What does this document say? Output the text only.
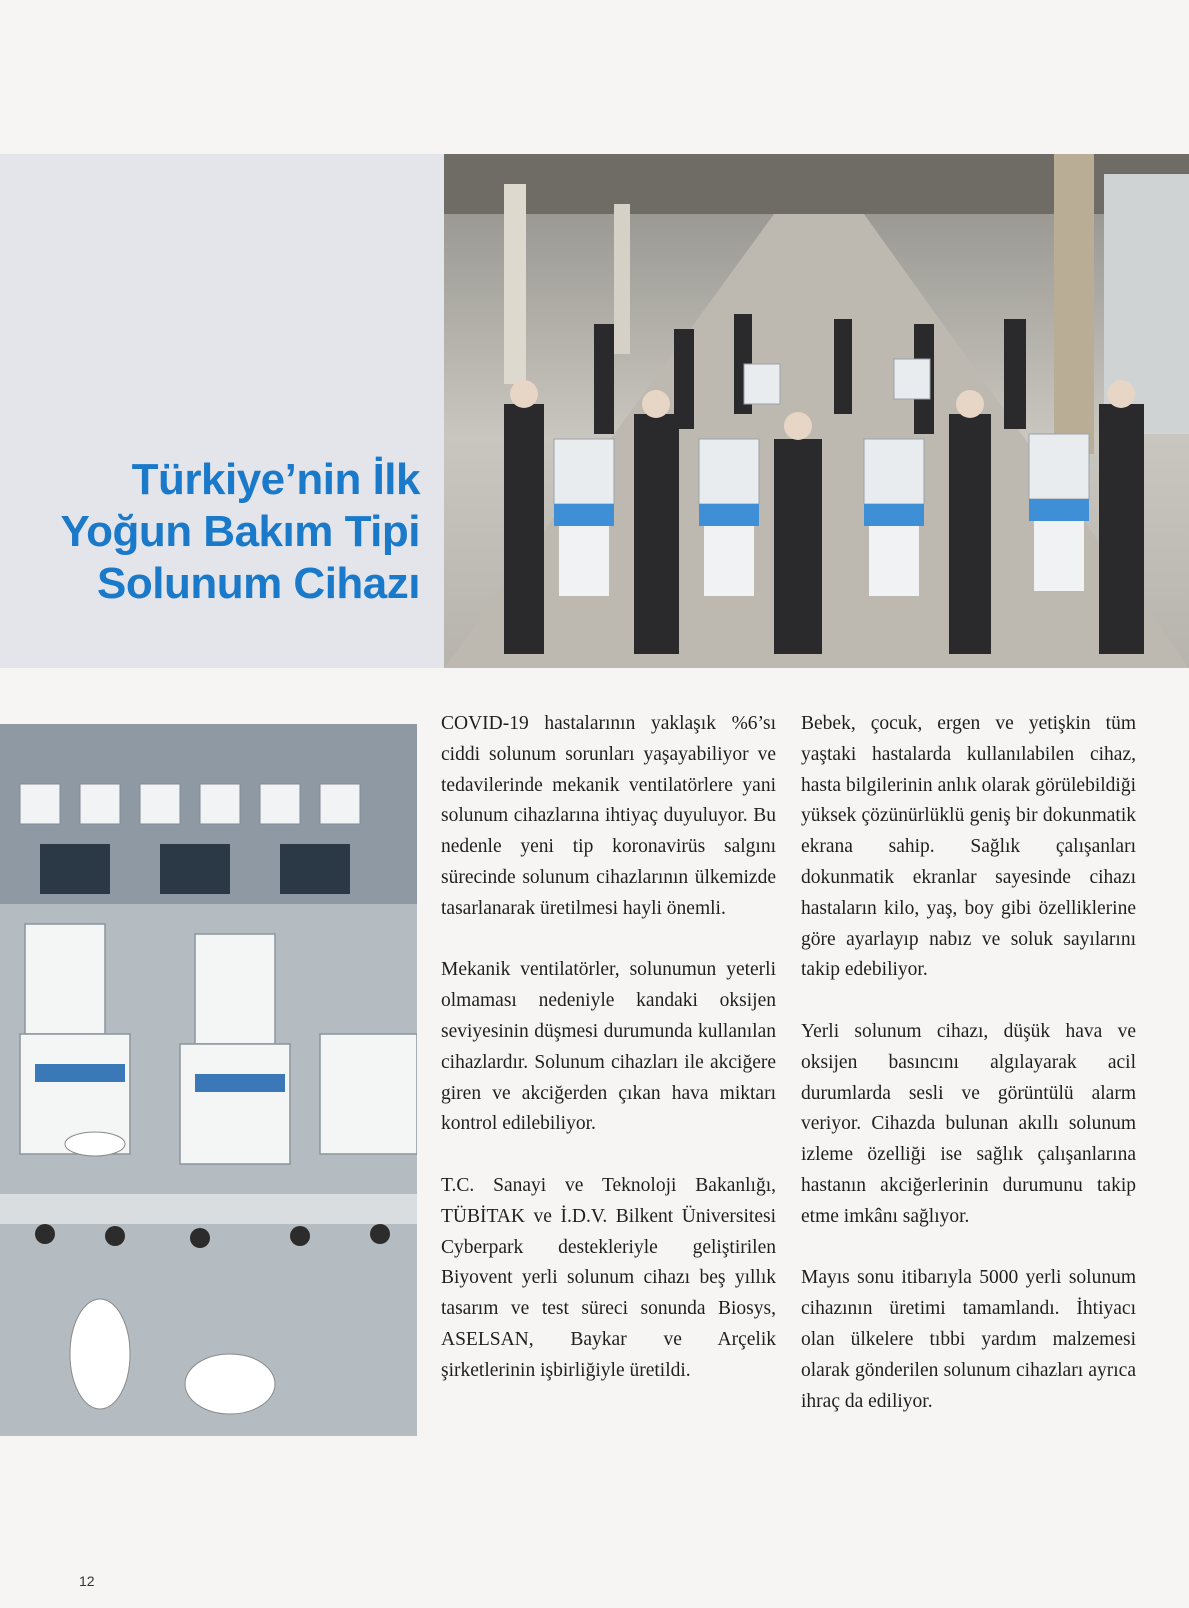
Türkiye’nin İlk
Yoğun Bakım Tipi
Solunum Cihazı

COVID-19 hastalarının yaklaşık %6’sı ciddi solunum sorunları yaşayabiliyor ve tedavilerinde mekanik ventilatörlere yani solunum cihazlarına ihtiyaç duyuluyor. Bu nedenle yeni tip koronavirüs salgını sürecinde solunum cihazlarının ülkemizde tasarlanarak üretilmesi hayli önemli.

Mekanik ventilatörler, solunumun yeterli olmaması nedeniyle kandaki oksijen seviyesinin düşmesi durumunda kullanılan cihazlardır. Solunum cihazları ile akciğere giren ve akciğerden çıkan hava miktarı kontrol edilebiliyor.

T.C. Sanayi ve Teknoloji Bakanlığı, TÜBİTAK ve İ.D.V. Bilkent Üniversitesi Cyberpark destekleriyle geliştirilen Biyovent yerli solunum cihazı beş yıllık tasarım ve test süreci sonunda Biosys, ASELSAN, Baykar ve Arçelik şirketlerinin işbirliğiyle üretildi.

Bebek, çocuk, ergen ve yetişkin tüm yaştaki hastalarda kullanılabilen cihaz, hasta bilgilerinin anlık olarak görülebildiği yüksek çözünürlüklü geniş bir dokunmatik ekrana sahip. Sağlık çalışanları dokunmatik ekranlar sayesinde cihazı hastaların kilo, yaş, boy gibi özelliklerine göre ayarlayıp nabız ve soluk sayılarını takip edebiliyor.

Yerli solunum cihazı, düşük hava ve oksijen basıncını algılayarak acil durumlarda sesli ve görüntülü alarm veriyor. Cihazda bulunan akıllı solunum izleme özelliği ise sağlık çalışanlarına hastanın akciğerlerinin durumunu takip etme imkânı sağlıyor.

Mayıs sonu itibarıyla 5000 yerli solunum cihazının üretimi tamamlandı. İhtiyacı olan ülkelere tıbbi yardım malzemesi olarak gönderilen solunum cihazları ayrıca ihraç da ediliyor.

12
